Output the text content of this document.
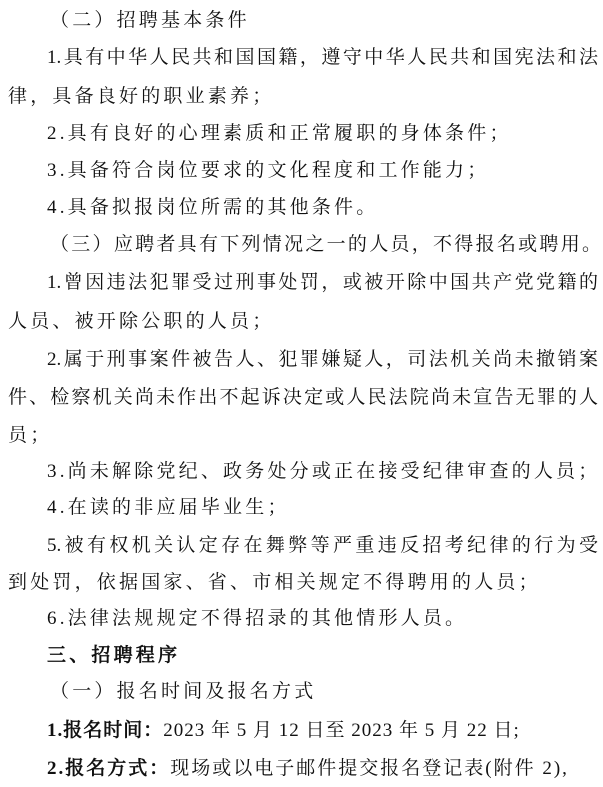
（二）招聘基本条件
1.具有中华人民共和国国籍，遵守中华人民共和国宪法和法
律，具备良好的职业素养；
2.具有良好的心理素质和正常履职的身体条件；
3.具备符合岗位要求的文化程度和工作能力；
4.具备拟报岗位所需的其他条件。
（三）应聘者具有下列情况之一的人员，不得报名或聘用。
1.曾因违法犯罪受过刑事处罚，或被开除中国共产党党籍的
人员、被开除公职的人员；
2.属于刑事案件被告人、犯罪嫌疑人，司法机关尚未撤销案
件、检察机关尚未作出不起诉决定或人民法院尚未宣告无罪的人
员；
3.尚未解除党纪、政务处分或正在接受纪律审查的人员；
4.在读的非应届毕业生；
5.被有权机关认定存在舞弊等严重违反招考纪律的行为受
到处罚，依据国家、省、市相关规定不得聘用的人员；
6.法律法规规定不得招录的其他情形人员。
三、招聘程序
（一）报名时间及报名方式
1.报名时间：2023 年 5 月 12 日至 2023 年 5 月 22 日;
2.报名方式：现场或以电子邮件提交报名登记表(附件 2),
